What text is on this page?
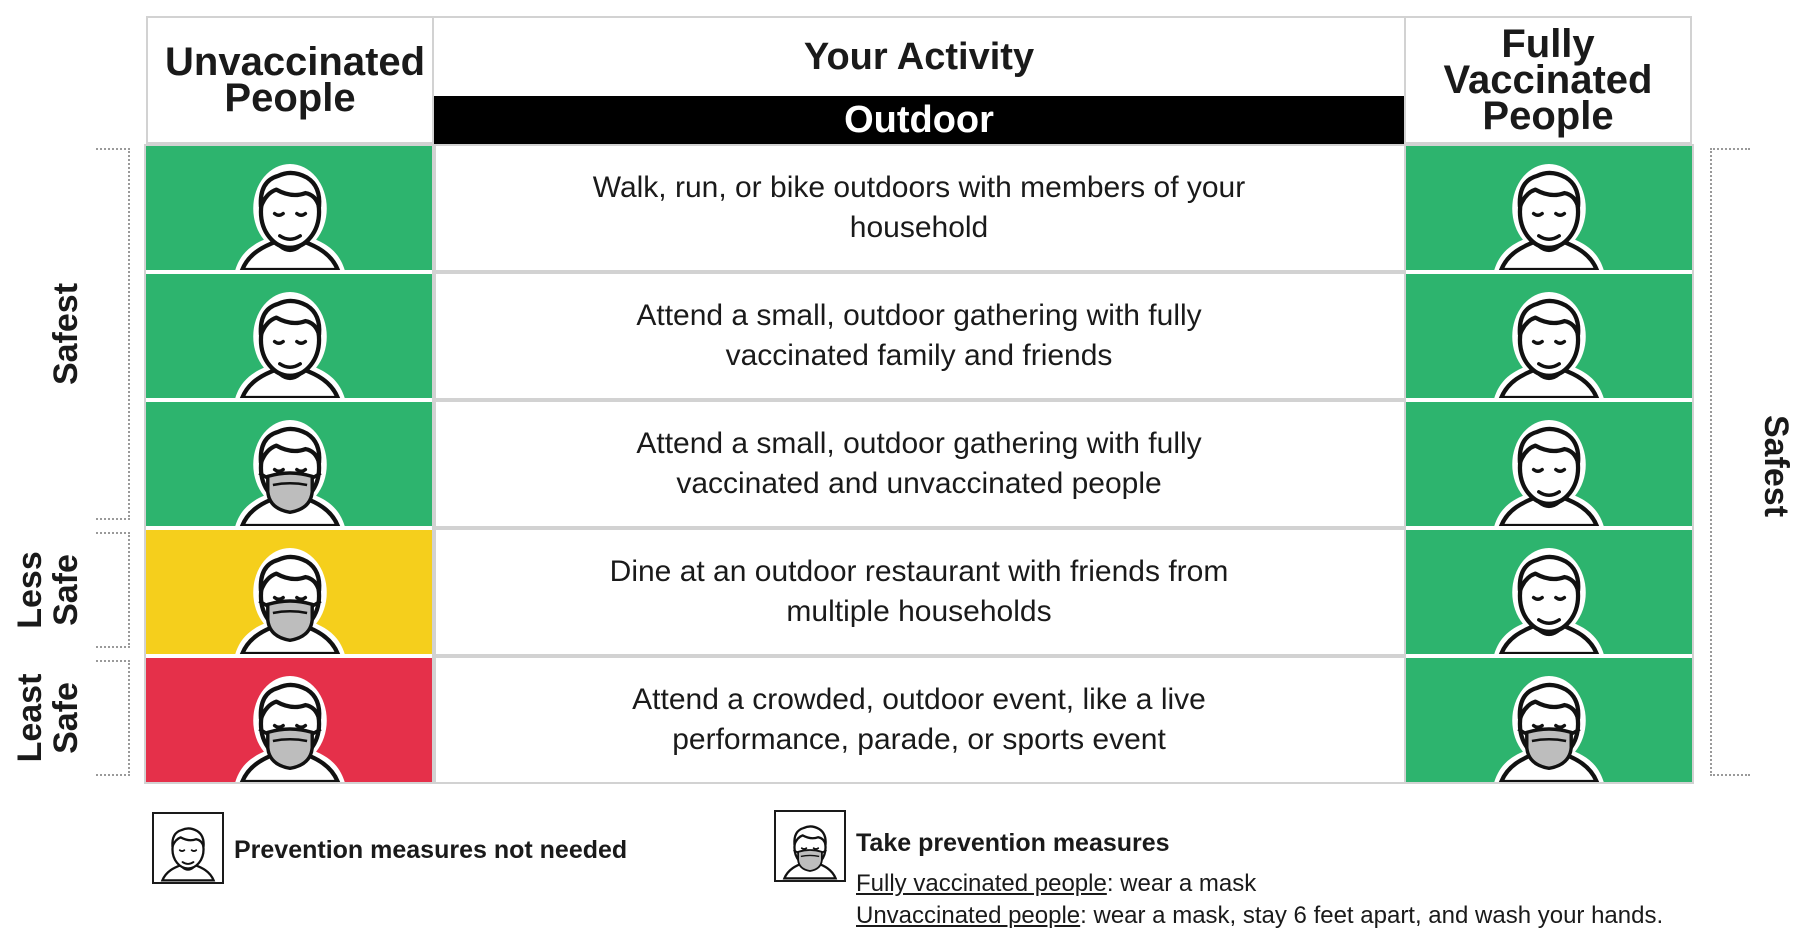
Unvaccinated People
Your Activity
Outdoor
Fully Vaccinated People
Walk, run, or bike outdoors with members of your household
Attend a small, outdoor gathering with fully vaccinated family and friends
Attend a small, outdoor gathering with fully vaccinated and unvaccinated people
Dine at an outdoor restaurant with friends from multiple households
Attend a crowded, outdoor event, like a live performance, parade, or sports event
Safest
Less Safe
Least Safe
Safest
Prevention measures not needed	Take prevention measures
Fully vaccinated people: wear a mask
Unvaccinated people: wear a mask, stay 6 feet apart, and wash your hands.
